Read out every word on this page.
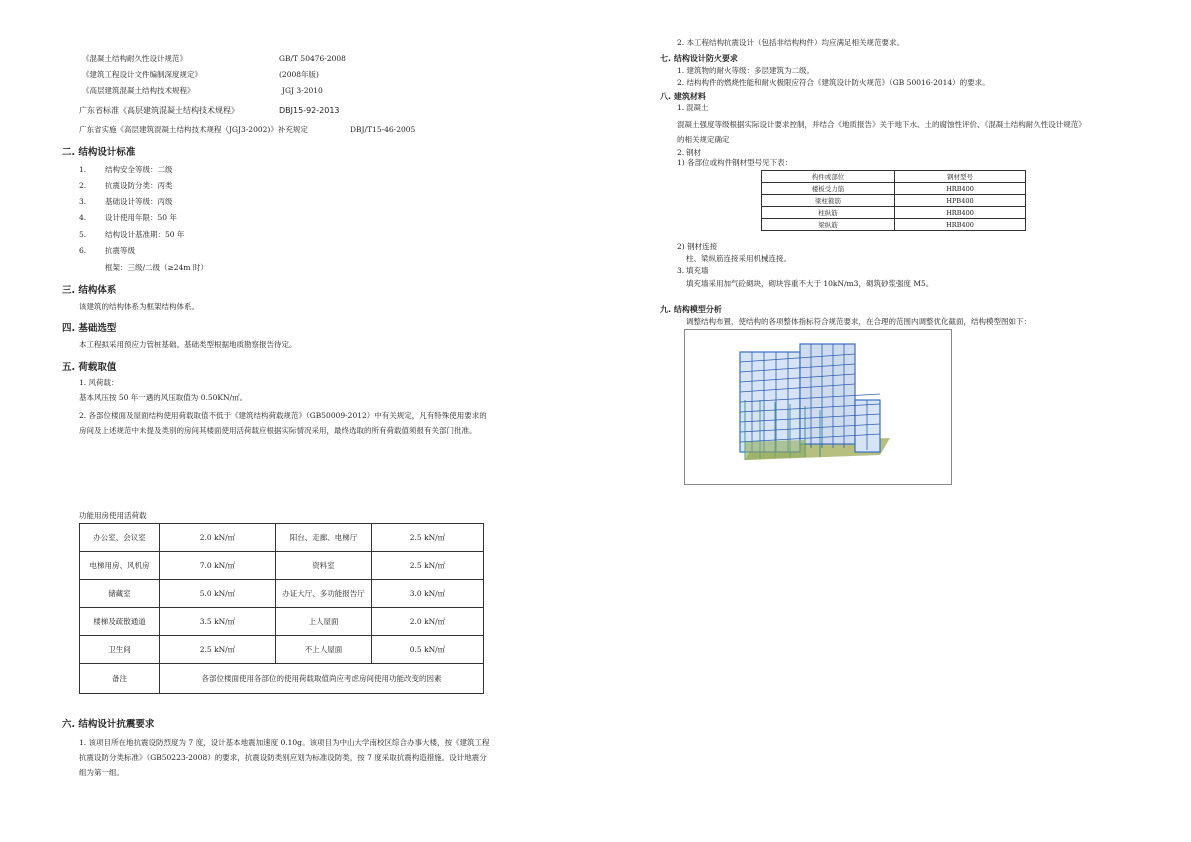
《混凝土结构耐久性设计规范》	GB/T 50476-2008
《建筑工程设计文件编制深度规定》	(2008年版)
《高层建筑混凝土结构技术规程》	JGJ 3-2010
广东省标准《高层建筑混凝土结构技术规程》	DBJ15-92-2013
广东省实施《高层建筑混凝土结构技术规程（JGJ3-2002)》补充规定	DBJ/T15-46-2005
二. 结构设计标准
1.	结构安全等级：二级
2.	抗震设防分类：丙类
3.	基础设计等级：丙级
4.	设计使用年限：50 年
5.	结构设计基准期：50 年
6.	抗震等级
框架：三级/二级（≥24m 时）
三. 结构体系
该建筑的结构体系为框架结构体系。
四. 基础选型
本工程拟采用预应力管桩基础。基础类型根据地质勘察报告待定。
五. 荷载取值
1. 风荷载：
基本风压按 50 年一遇的风压取值为 0.50KN/㎡。
2. 各部位楼面及屋面结构使用荷载取值不低于《建筑结构荷载规范》（GB50009-2012）中有关规定，凡有特殊使用要求的房间及上述规范中未提及类别的房间其楼面使用活荷载应根据实际情况采用，最终选取的所有荷载值须报有关部门批准。
功能用房使用活荷载
办公室、会议室	2.0 kN/㎡	阳台、走廊、电梯厅	2.5 kN/㎡
电梯用房、风机房	7.0 kN/㎡	资料室	2.5 kN/㎡
储藏室	5.0 kN/㎡	办证大厅、多功能报告厅	3.0 kN/㎡
楼梯及疏散通道	3.5 kN/㎡	上人屋面	2.0 kN/㎡
卫生间	2.5 kN/㎡	不上人屋面	0.5 kN/㎡
备注	各部位楼面使用各部位的使用荷载取值尚应考虑房间使用功能改变的因素		
六. 结构设计抗震要求
1. 该项目所在地抗震设防烈度为 7 度，设计基本地震加速度 0.10g。该项目为中山大学南校区综合办事大楼，按《建筑工程抗震设防分类标准》（GB50223-2008）的要求，抗震设防类别应划为标准设防类，按 7 度采取抗震构造措施。设计地震分组为第一组。
2. 本工程结构抗震设计（包括非结构构件）均应满足相关规范要求。
七. 结构设计防火要求
1. 建筑物的耐火等级：多层建筑为二级。
2. 结构构件的燃烧性能和耐火极限应符合《建筑设计防火规范》（GB 50016-2014）的要求。
八. 建筑材料
1. 混凝土
混凝土强度等级根据实际设计要求控制，并结合《地质报告》关于地下水、土的腐蚀性评价、《混凝土结构耐久性设计规范》的相关规定确定
2. 钢材
1) 各部位或构件钢材型号见下表：
构件或部位	钢材型号
楼板受力筋	HRB400
梁柱箍筋	HPB400
柱纵筋	HRB400
梁纵筋	HRB400
2) 钢材连接
柱、梁纵筋连接采用机械连接。
3. 填充墙
填充墙采用加气砼砌块，砌块容重不大于 10kN/m3，砌筑砂浆强度 M5。
九. 结构模型分析
调整结构布置，使结构的各项整体指标符合规范要求，在合理的范围内调整优化截面，结构模型图如下：
